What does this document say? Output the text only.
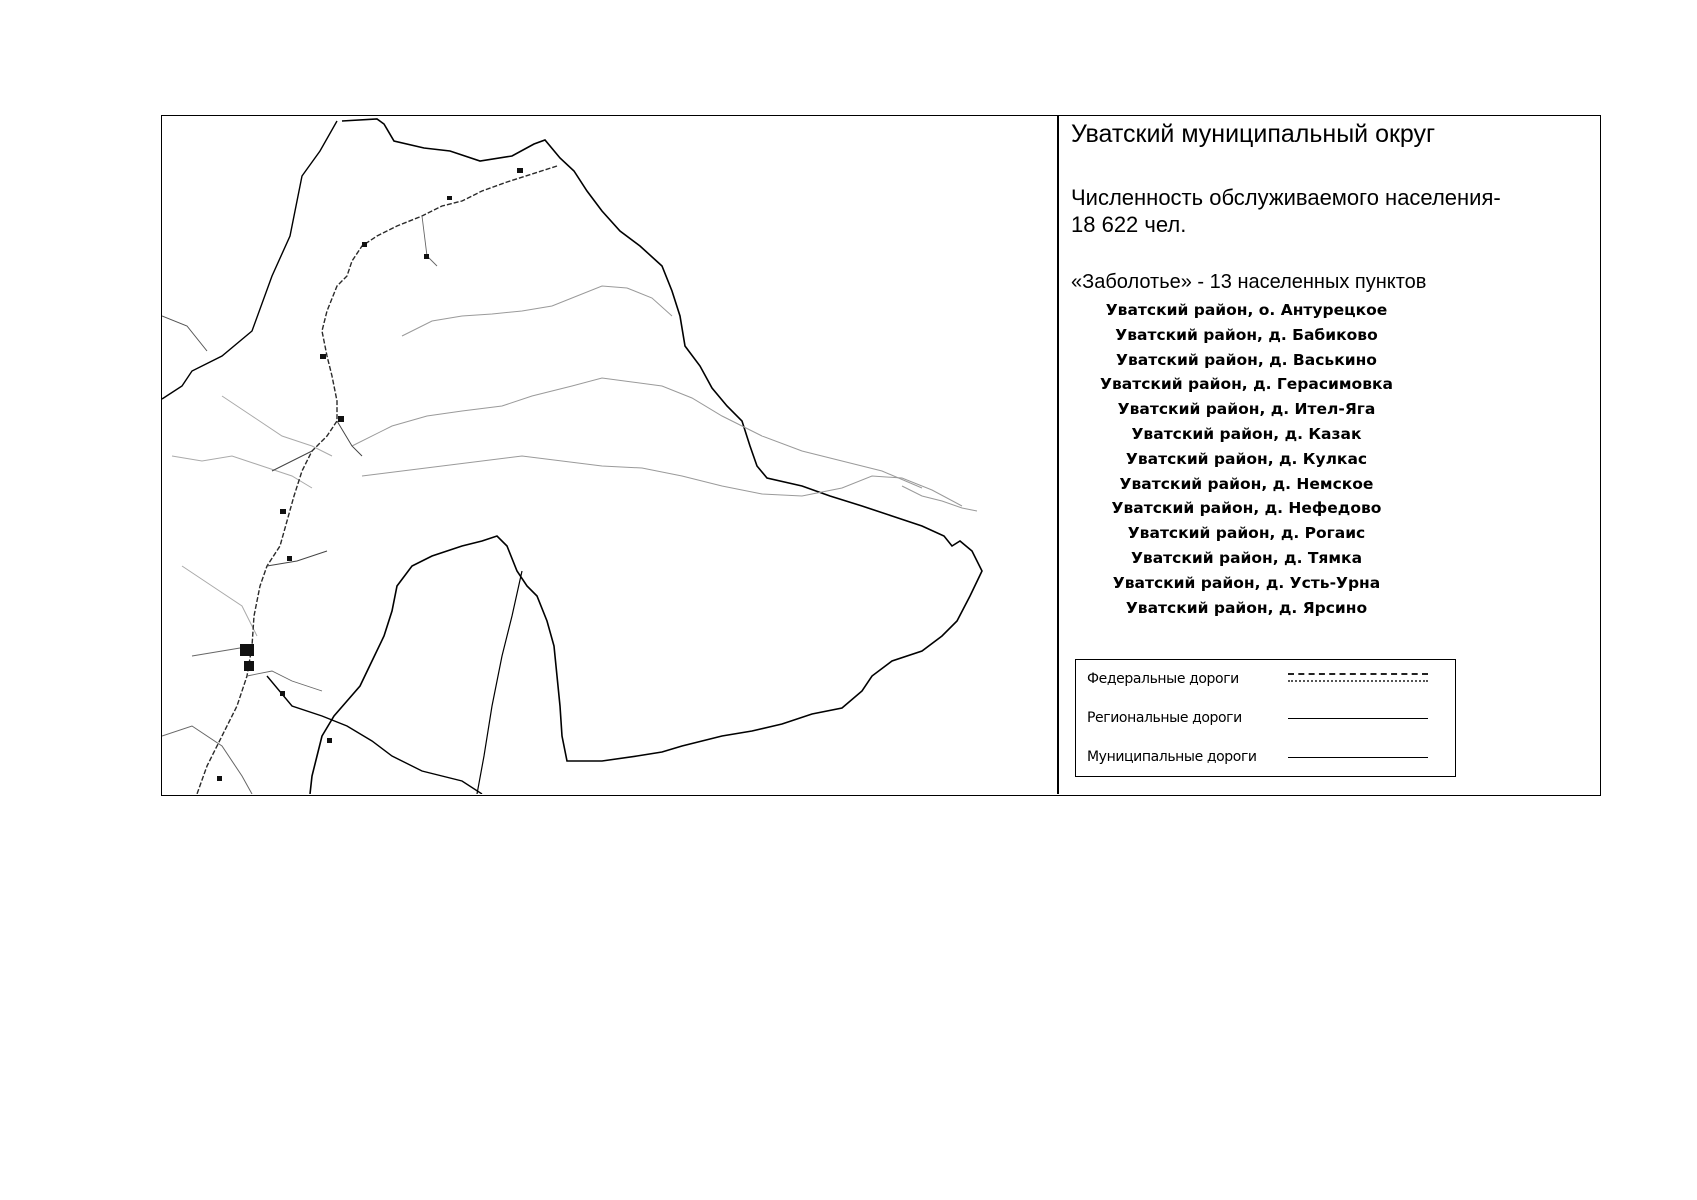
Уватский муниципальный округ
Численность обслуживаемого населения-
18 622 чел.
«Заболотье» - 13 населенных пунктов
Уватский район, о. Антурецкое
Уватский район, д. Бабиково
Уватский район, д. Васькино
Уватский район, д. Герасимовка
Уватский район, д. Ител-Яга
Уватский район, д. Казак
Уватский район, д. Кулкас
Уватский район, д. Немское
Уватский район, д. Нефедово
Уватский район, д. Рогаис
Уватский район, д. Тямка
Уватский район, д. Усть-Урна
Уватский район, д. Ярсино
Федеральные дороги
Региональные дороги
Муниципальные дороги
